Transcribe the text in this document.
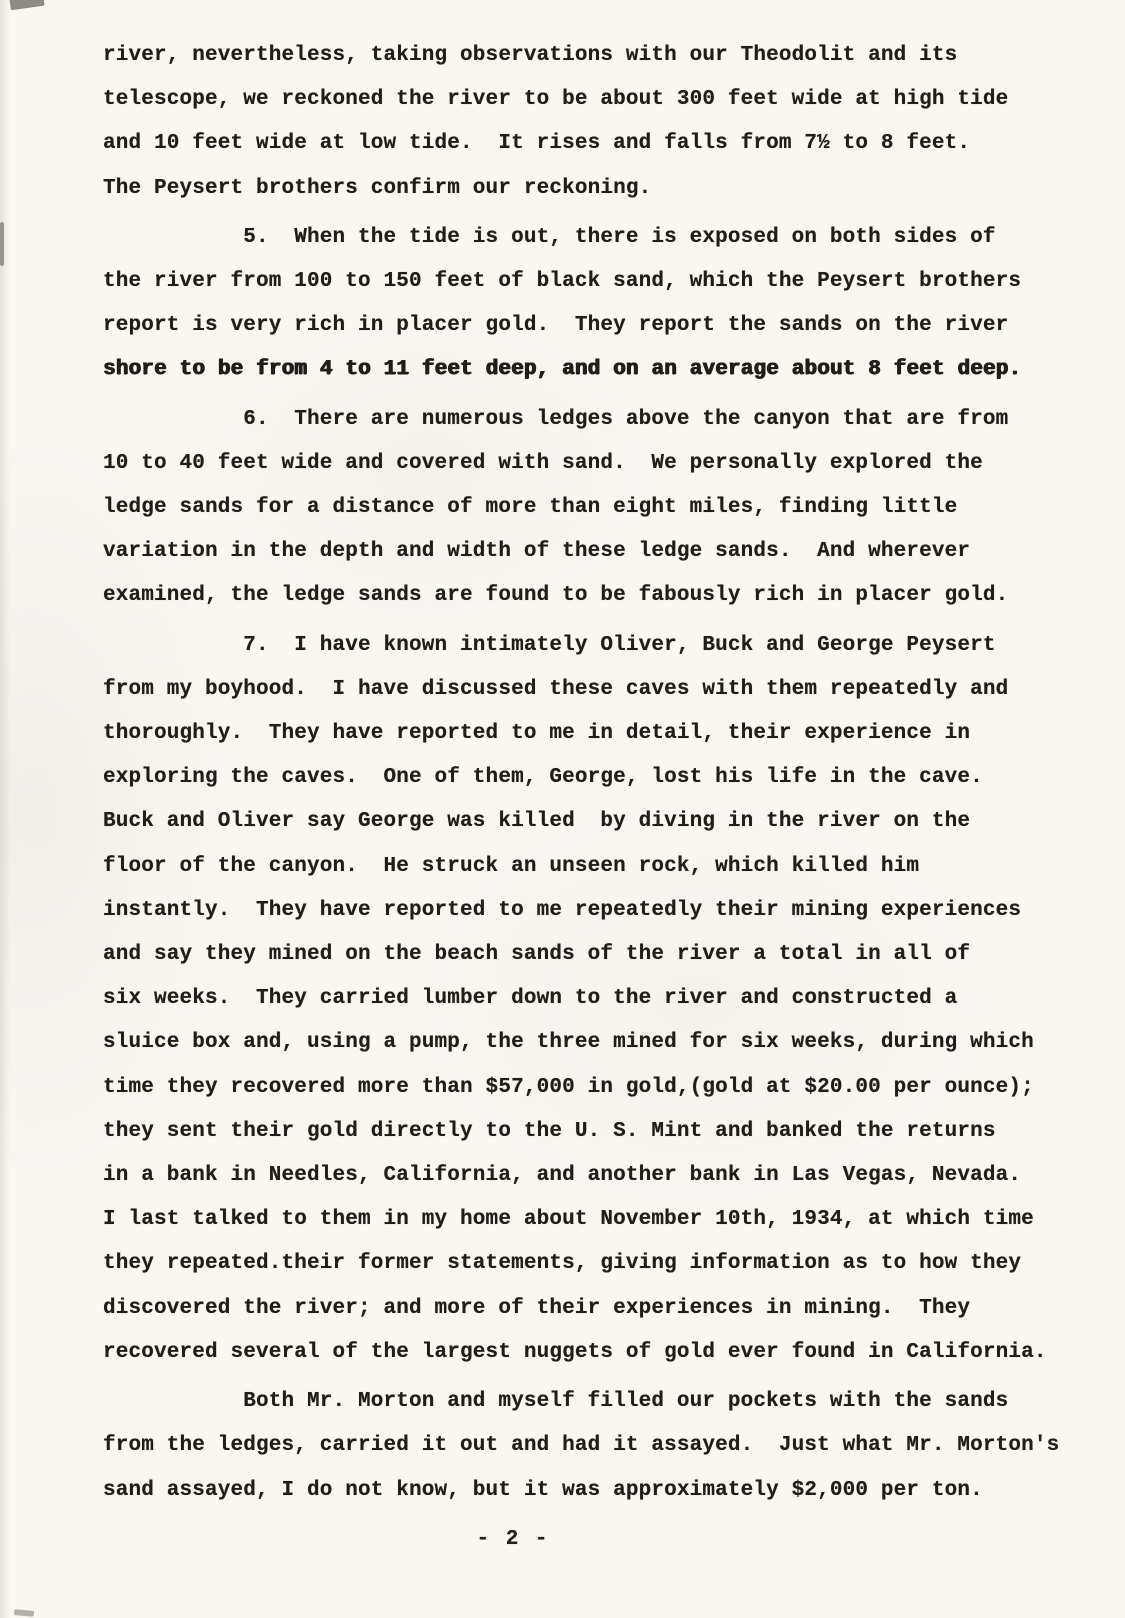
river, nevertheless, taking observations with our Theodolit and its
telescope, we reckoned the river to be about 300 feet wide at high tide
and 10 feet wide at low tide.  It rises and falls from 7½ to 8 feet.
The Peysert brothers confirm our reckoning.
5.  When the tide is out, there is exposed on both sides of
the river from 100 to 150 feet of black sand, which the Peysert brothers
report is very rich in placer gold.  They report the sands on the river
shore to be from 4 to 11 feet deep, and on an average about 8 feet deep.
6.  There are numerous ledges above the canyon that are from
10 to 40 feet wide and covered with sand.  We personally explored the
ledge sands for a distance of more than eight miles, finding little
variation in the depth and width of these ledge sands.  And wherever
examined, the ledge sands are found to be fabously rich in placer gold.
7.  I have known intimately Oliver, Buck and George Peysert
from my boyhood.  I have discussed these caves with them repeatedly and
thoroughly.  They have reported to me in detail, their experience in
exploring the caves.  One of them, George, lost his life in the cave.
Buck and Oliver say George was killed  by diving in the river on the
floor of the canyon.  He struck an unseen rock, which killed him
instantly.  They have reported to me repeatedly their mining experiences
and say they mined on the beach sands of the river a total in all of
six weeks.  They carried lumber down to the river and constructed a
sluice box and, using a pump, the three mined for six weeks, during which
time they recovered more than $57,000 in gold,(gold at $20.00 per ounce);
they sent their gold directly to the U. S. Mint and banked the returns
in a bank in Needles, California, and another bank in Las Vegas, Nevada.
I last talked to them in my home about November 10th, 1934, at which time
they repeated.their former statements, giving information as to how they
discovered the river; and more of their experiences in mining.  They
recovered several of the largest nuggets of gold ever found in California.
Both Mr. Morton and myself filled our pockets with the sands
from the ledges, carried it out and had it assayed.  Just what Mr. Morton's
sand assayed, I do not know, but it was approximately $2,000 per ton.
- 2 -
